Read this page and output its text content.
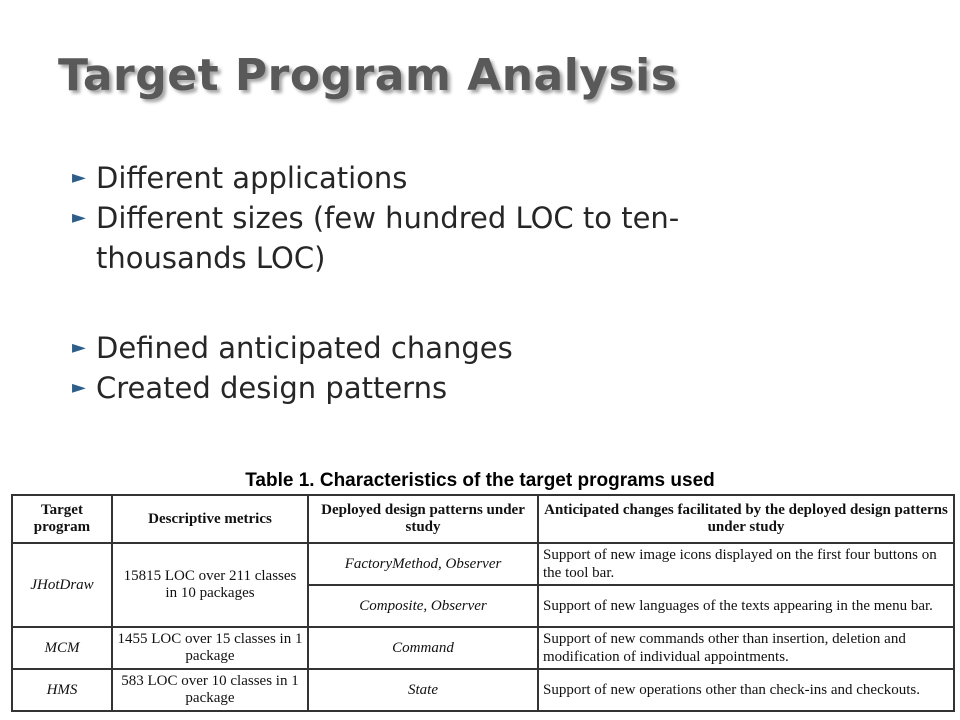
Target Program Analysis
► Different applications
► Different sizes (few hundred LOC to ten-
thousands LOC)
► Defined anticipated changes
► Created design patterns
Table 1. Characteristics of the target programs used
Target program	Descriptive metrics	Deployed design patterns under study	Anticipated changes facilitated by the deployed design patterns under study
JHotDraw	15815 LOC over 211 classes in 10 packages	FactoryMethod, Observer	Support of new image icons displayed on the first four buttons on the tool bar.
		Composite, Observer	Support of new languages of the texts appearing in the menu bar.
MCM	1455 LOC over 15 classes in 1 package	Command	Support of new commands other than insertion, deletion and modification of individual appointments.
HMS	583 LOC over 10 classes in 1 package	State	Support of new operations other than check-ins and checkouts.
